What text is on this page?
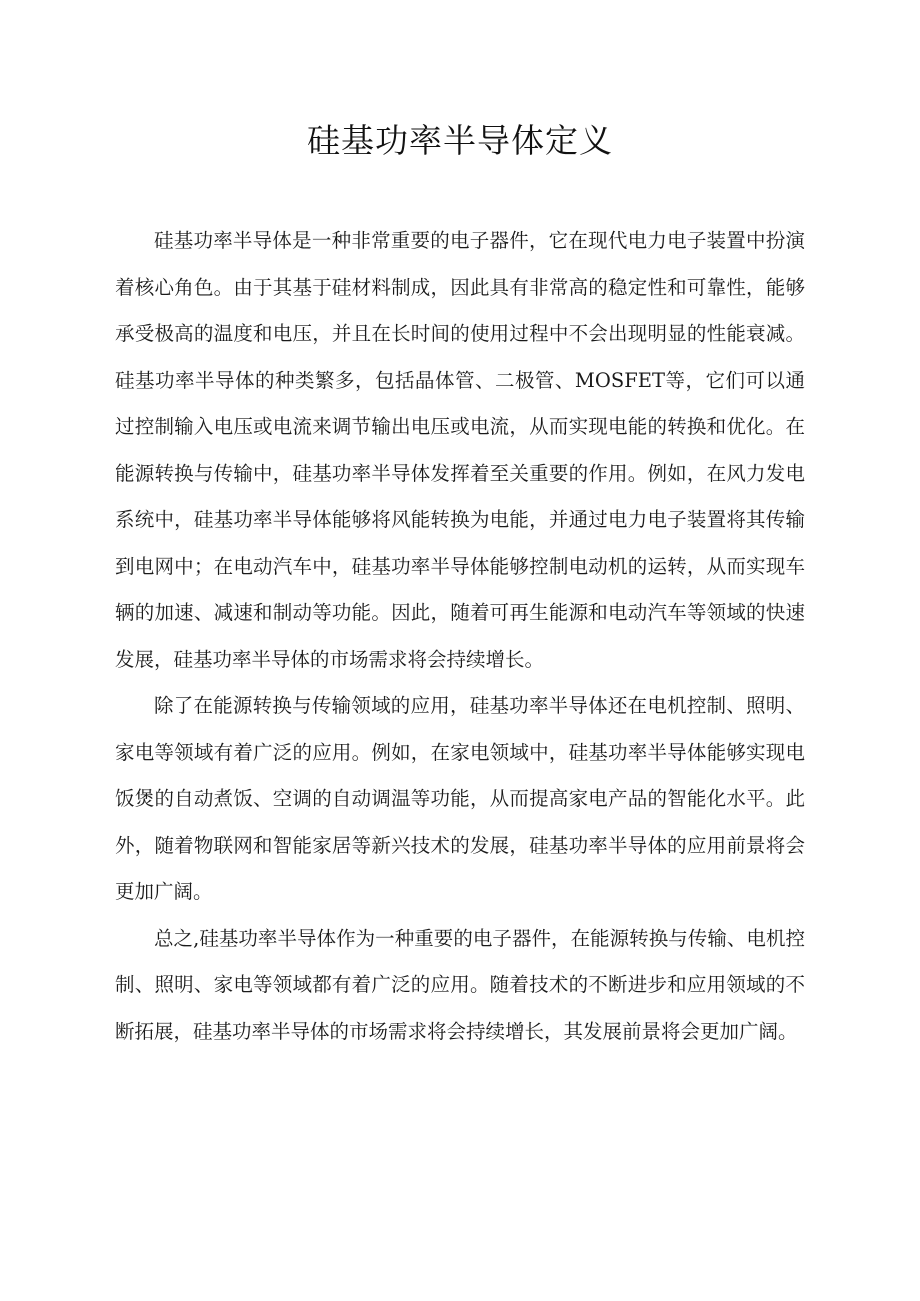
硅基功率半导体定义

硅基功率半导体是一种非常重要的电子器件，它在现代电力电子装置中扮演着核心角色。由于其基于硅材料制成，因此具有非常高的稳定性和可靠性，能够承受极高的温度和电压，并且在长时间的使用过程中不会出现明显的性能衰减。硅基功率半导体的种类繁多，包括晶体管、二极管、MOSFET等，它们可以通过控制输入电压或电流来调节输出电压或电流，从而实现电能的转换和优化。在能源转换与传输中，硅基功率半导体发挥着至关重要的作用。例如，在风力发电系统中，硅基功率半导体能够将风能转换为电能，并通过电力电子装置将其传输到电网中；在电动汽车中，硅基功率半导体能够控制电动机的运转，从而实现车辆的加速、减速和制动等功能。因此，随着可再生能源和电动汽车等领域的快速发展，硅基功率半导体的市场需求将会持续增长。

除了在能源转换与传输领域的应用，硅基功率半导体还在电机控制、照明、家电等领域有着广泛的应用。例如，在家电领域中，硅基功率半导体能够实现电饭煲的自动煮饭、空调的自动调温等功能，从而提高家电产品的智能化水平。此外，随着物联网和智能家居等新兴技术的发展，硅基功率半导体的应用前景将会更加广阔。

总之,硅基功率半导体作为一种重要的电子器件，在能源转换与传输、电机控制、照明、家电等领域都有着广泛的应用。随着技术的不断进步和应用领域的不断拓展，硅基功率半导体的市场需求将会持续增长，其发展前景将会更加广阔。
